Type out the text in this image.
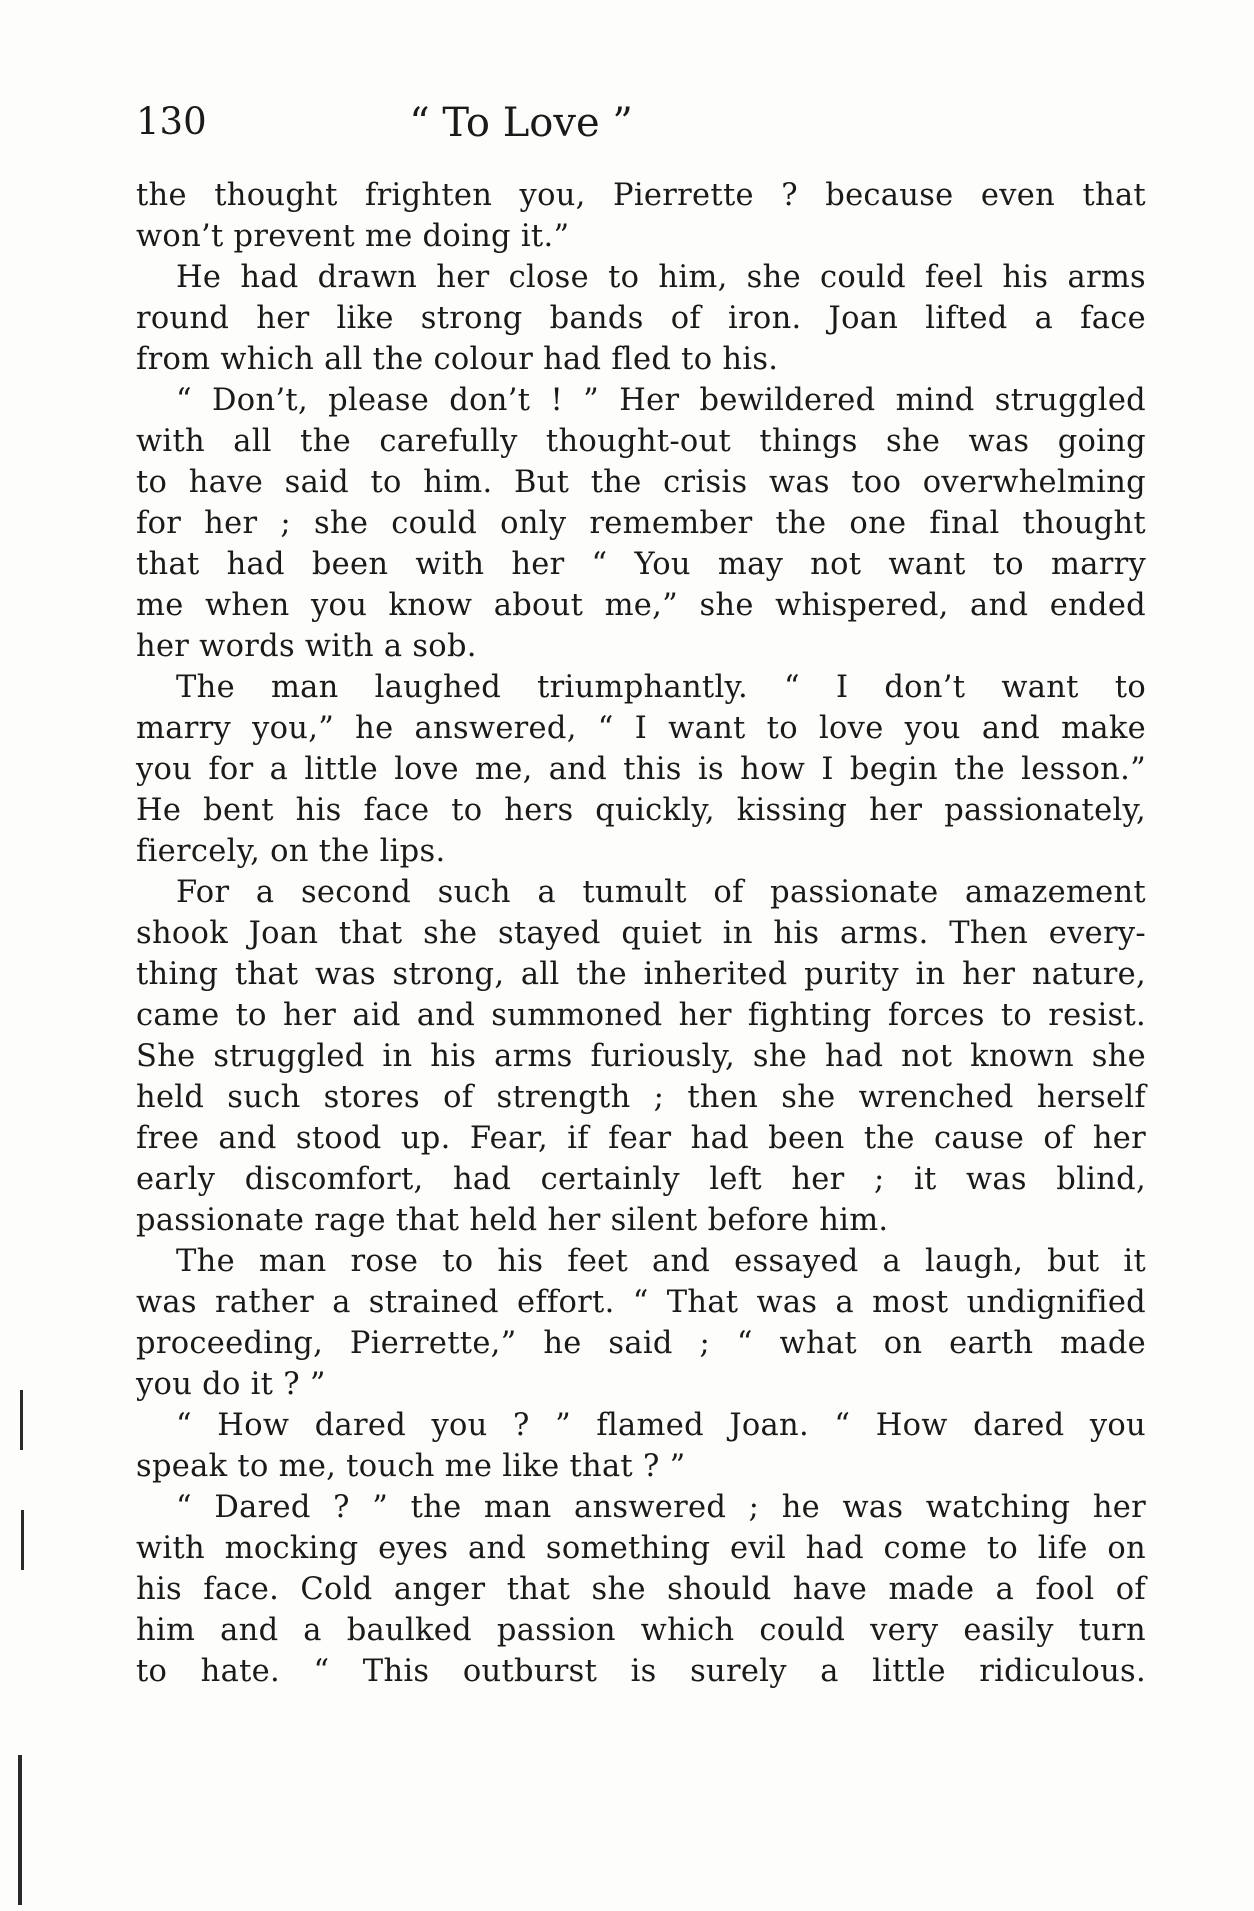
130	“ To Love ”
the thought frighten you, Pierrette ? because even that
won’t prevent me doing it.”
He had drawn her close to him, she could feel his arms
round her like strong bands of iron. Joan lifted a face
from which all the colour had fled to his.
“ Don’t, please don’t ! ” Her bewildered mind struggled
with all the carefully thought-out things she was going
to have said to him. But the crisis was too overwhelming
for her ; she could only remember the one final thought
that had been with her “ You may not want to marry
me when you know about me,” she whispered, and ended
her words with a sob.
The man laughed triumphantly. “ I don’t want to
marry you,” he answered, “ I want to love you and make
you for a little love me, and this is how I begin the lesson.”
He bent his face to hers quickly, kissing her passionately,
fiercely, on the lips.
For a second such a tumult of passionate amazement
shook Joan that she stayed quiet in his arms. Then every-
thing that was strong, all the inherited purity in her nature,
came to her aid and summoned her fighting forces to resist.
She struggled in his arms furiously, she had not known she
held such stores of strength ; then she wrenched herself
free and stood up. Fear, if fear had been the cause of her
early discomfort, had certainly left her ; it was blind,
passionate rage that held her silent before him.
The man rose to his feet and essayed a laugh, but it
was rather a strained effort. “ That was a most undignified
proceeding, Pierrette,” he said ; “ what on earth made
you do it ? ”
“ How dared you ? ” flamed Joan. “ How dared you
speak to me, touch me like that ? ”
“ Dared ? ” the man answered ; he was watching her
with mocking eyes and something evil had come to life on
his face. Cold anger that she should have made a fool of
him and a baulked passion which could very easily turn
to hate. “ This outburst is surely a little ridiculous.
